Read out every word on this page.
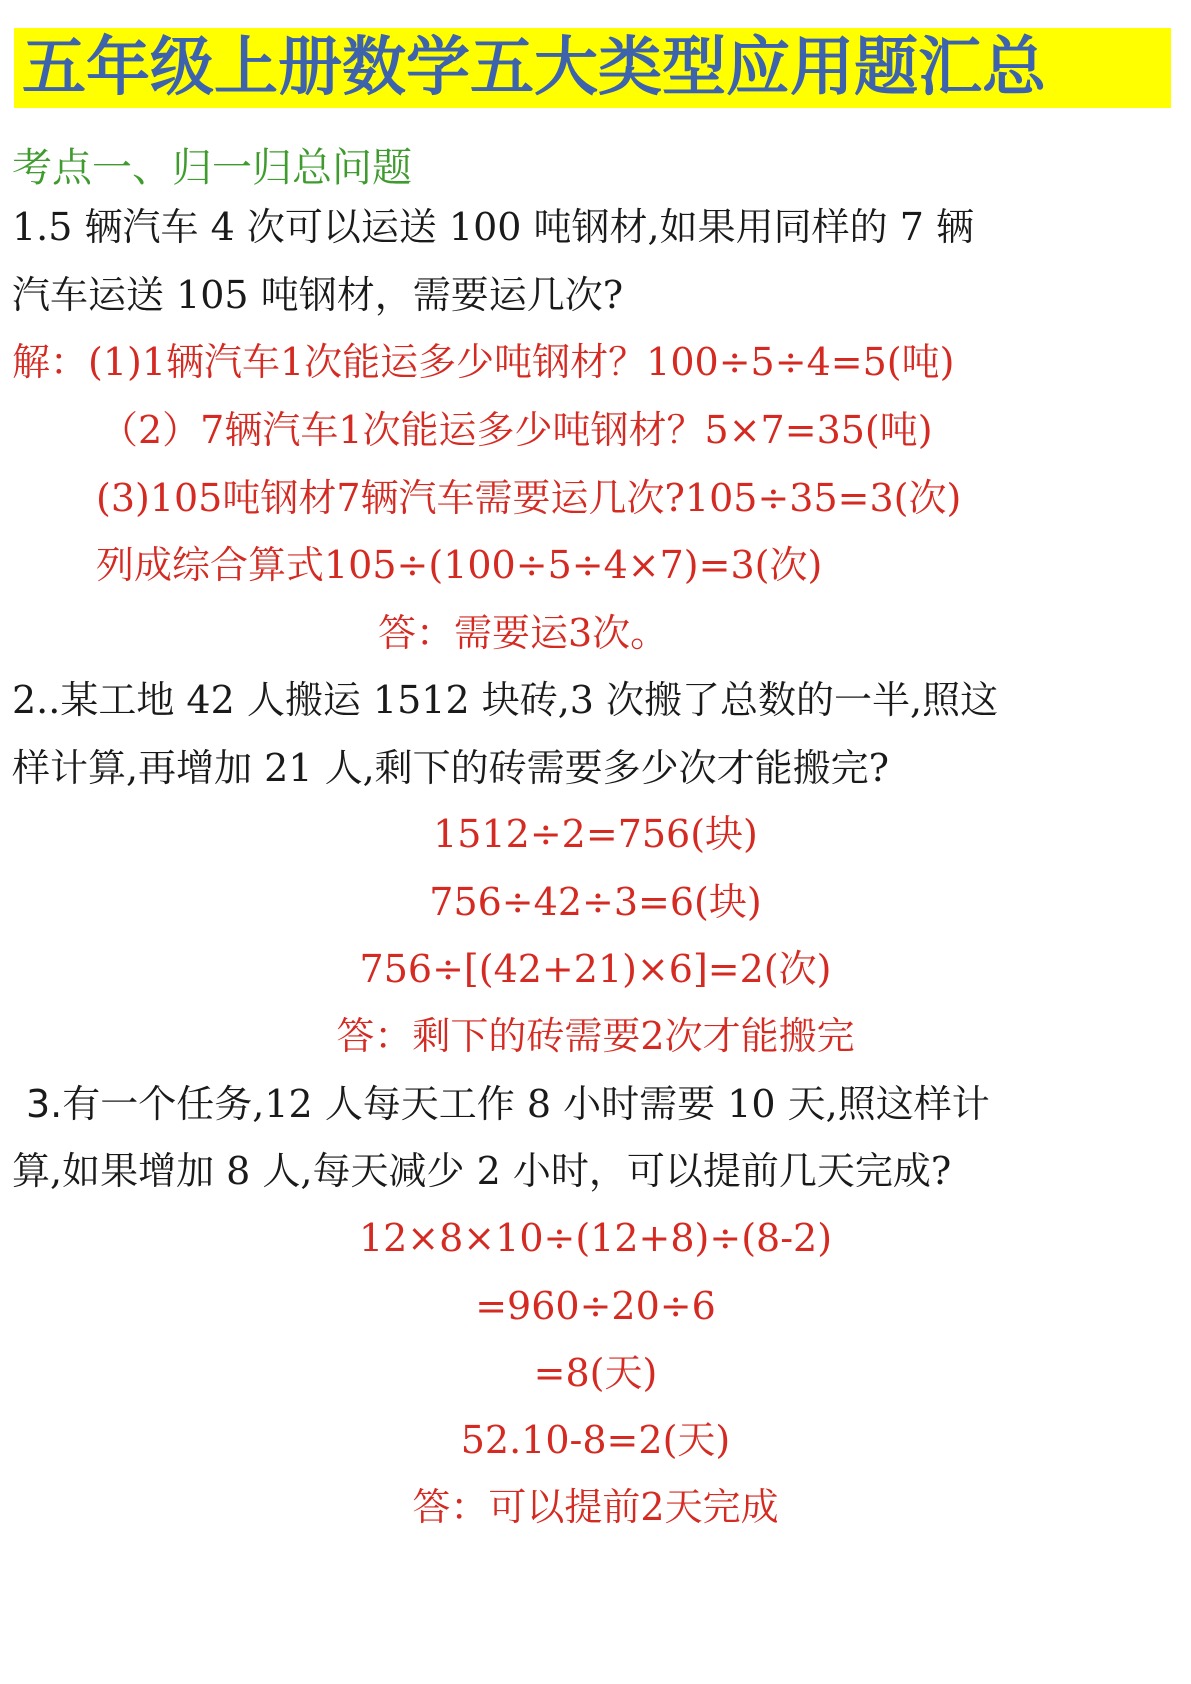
五年级上册数学五大类型应用题汇总
考点一、归一归总问题
1.5 辆汽车 4 次可以运送 100 吨钢材,如果用同样的 7 辆
汽车运送 105 吨钢材，需要运几次?
解：(1)1辆汽车1次能运多少吨钢材？100÷5÷4=5(吨)
（2）7辆汽车1次能运多少吨钢材？5×7=35(吨)
(3)105吨钢材7辆汽车需要运几次?105÷35=3(次)
列成综合算式105÷(100÷5÷4×7)=3(次)
答：需要运3次。
2..某工地 42 人搬运 1512 块砖,3 次搬了总数的一半,照这
样计算,再增加 21 人,剩下的砖需要多少次才能搬完?
1512÷2=756(块)
756÷42÷3=6(块)
756÷[(42+21)×6]=2(次)
答：剩下的砖需要2次才能搬完
3.有一个任务,12 人每天工作 8 小时需要 10 天,照这样计
算,如果增加 8 人,每天减少 2 小时，可以提前几天完成?
12×8×10÷(12+8)÷(8-2)
=960÷20÷6
=8(天)
52.10-8=2(天)
答：可以提前2天完成
